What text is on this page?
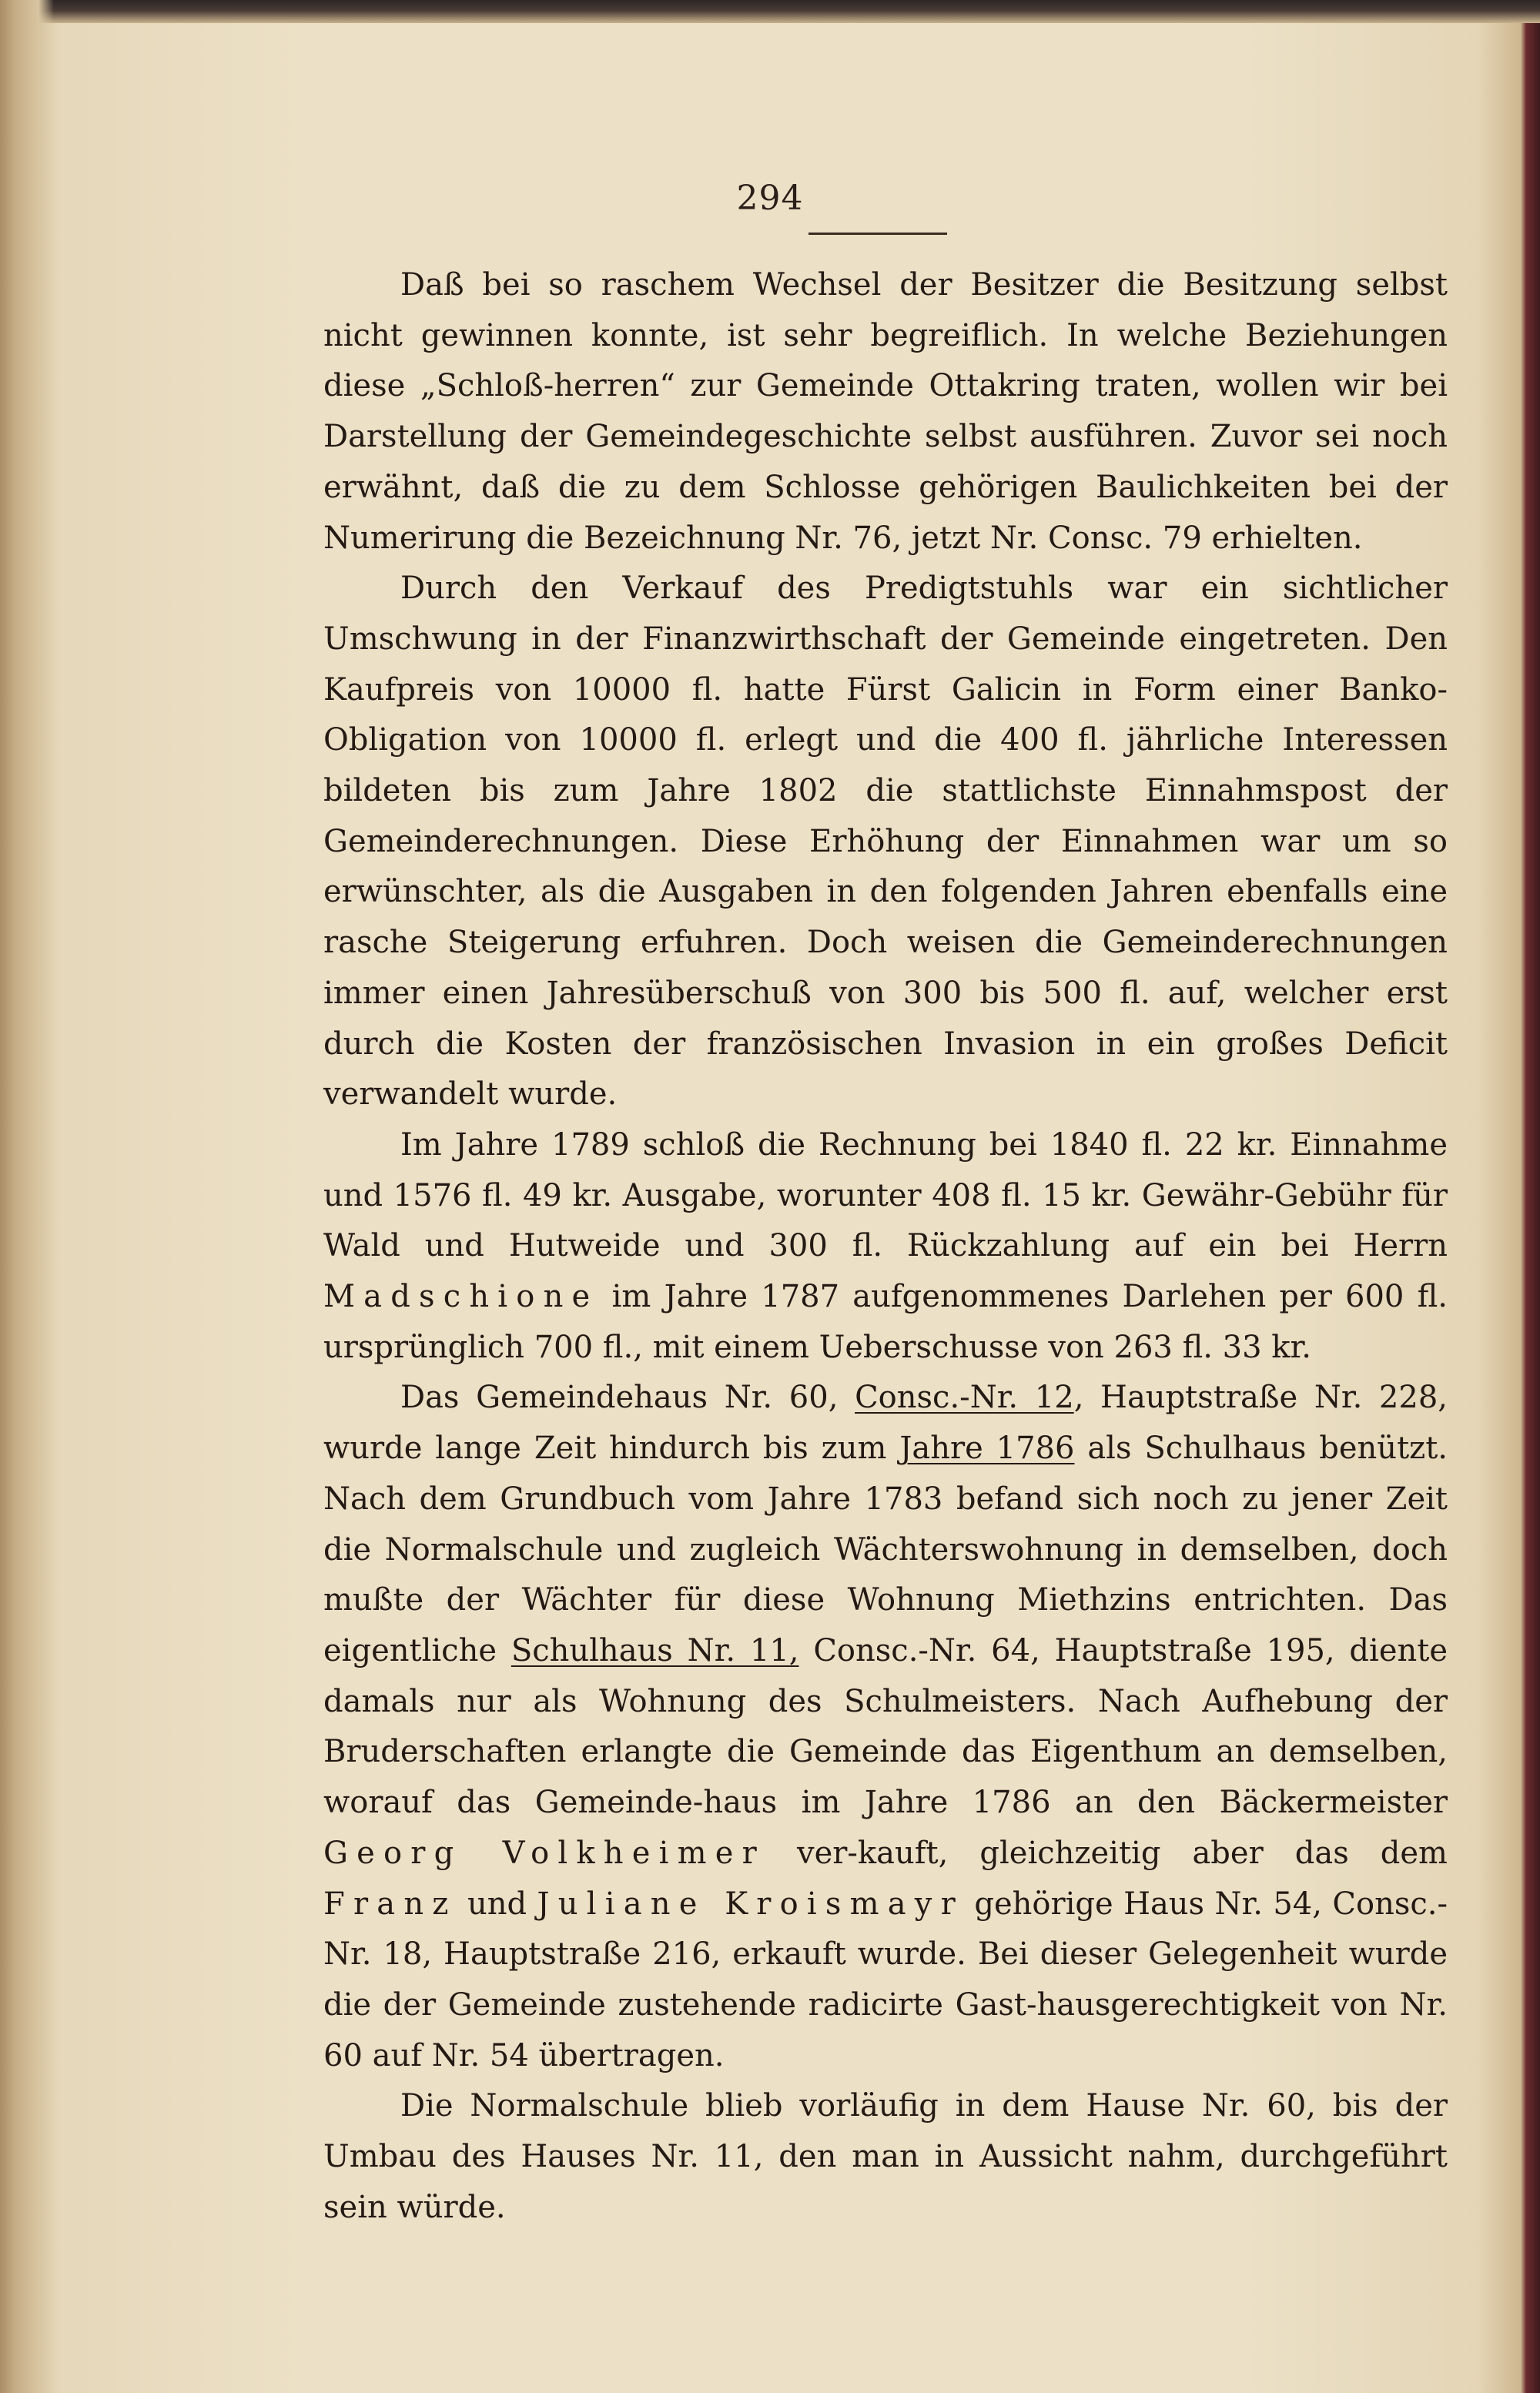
294

Daß bei so raschem Wechsel der Besitzer die Besitzung selbst nicht gewinnen konnte, ist sehr begreiflich. In welche Beziehungen diese „Schloß-herren“ zur Gemeinde Ottakring traten, wollen wir bei Darstellung der Gemeindegeschichte selbst ausführen. Zuvor sei noch erwähnt, daß die zu dem Schlosse gehörigen Baulichkeiten bei der Numerirung die Bezeichnung Nr. 76, jetzt Nr. Consc. 79 erhielten.

Durch den Verkauf des Predigtstuhls war ein sichtlicher Umschwung in der Finanzwirthschaft der Gemeinde eingetreten. Den Kaufpreis von 10000 fl. hatte Fürst Galicin in Form einer Banko-Obligation von 10000 fl. erlegt und die 400 fl. jährliche Interessen bildeten bis zum Jahre 1802 die stattlichste Einnahmspost der Gemeinderechnungen. Diese Erhöhung der Einnahmen war um so erwünschter, als die Ausgaben in den folgenden Jahren ebenfalls eine rasche Steigerung erfuhren. Doch weisen die Gemeinderechnungen immer einen Jahresüberschuß von 300 bis 500 fl. auf, welcher erst durch die Kosten der französischen Invasion in ein großes Deficit verwandelt wurde.

Im Jahre 1789 schloß die Rechnung bei 1840 fl. 22 kr. Einnahme und 1576 fl. 49 kr. Ausgabe, worunter 408 fl. 15 kr. Gewähr-Gebühr für Wald und Hutweide und 300 fl. Rückzahlung auf ein bei Herrn Madschione im Jahre 1787 aufgenommenes Darlehen per 600 fl. ursprünglich 700 fl., mit einem Ueberschusse von 263 fl. 33 kr.

Das Gemeindehaus Nr. 60, Consc.-Nr. 12, Hauptstraße Nr. 228, wurde lange Zeit hindurch bis zum Jahre 1786 als Schulhaus benützt. Nach dem Grundbuch vom Jahre 1783 befand sich noch zu jener Zeit die Normalschule und zugleich Wächterswohnung in demselben, doch mußte der Wächter für diese Wohnung Miethzins entrichten. Das eigentliche Schulhaus Nr. 11, Consc.-Nr. 64, Hauptstraße 195, diente damals nur als Wohnung des Schulmeisters. Nach Aufhebung der Bruderschaften erlangte die Gemeinde das Eigenthum an demselben, worauf das Gemeinde-haus im Jahre 1786 an den Bäckermeister Georg Volkheimer ver-kauft, gleichzeitig aber das dem Franz und Juliane Kroismayr gehörige Haus Nr. 54, Consc.-Nr. 18, Hauptstraße 216, erkauft wurde. Bei dieser Gelegenheit wurde die der Gemeinde zustehende radicirte Gast-hausgerechtigkeit von Nr. 60 auf Nr. 54 übertragen.

Die Normalschule blieb vorläufig in dem Hause Nr. 60, bis der Umbau des Hauses Nr. 11, den man in Aussicht nahm, durchgeführt sein würde.
